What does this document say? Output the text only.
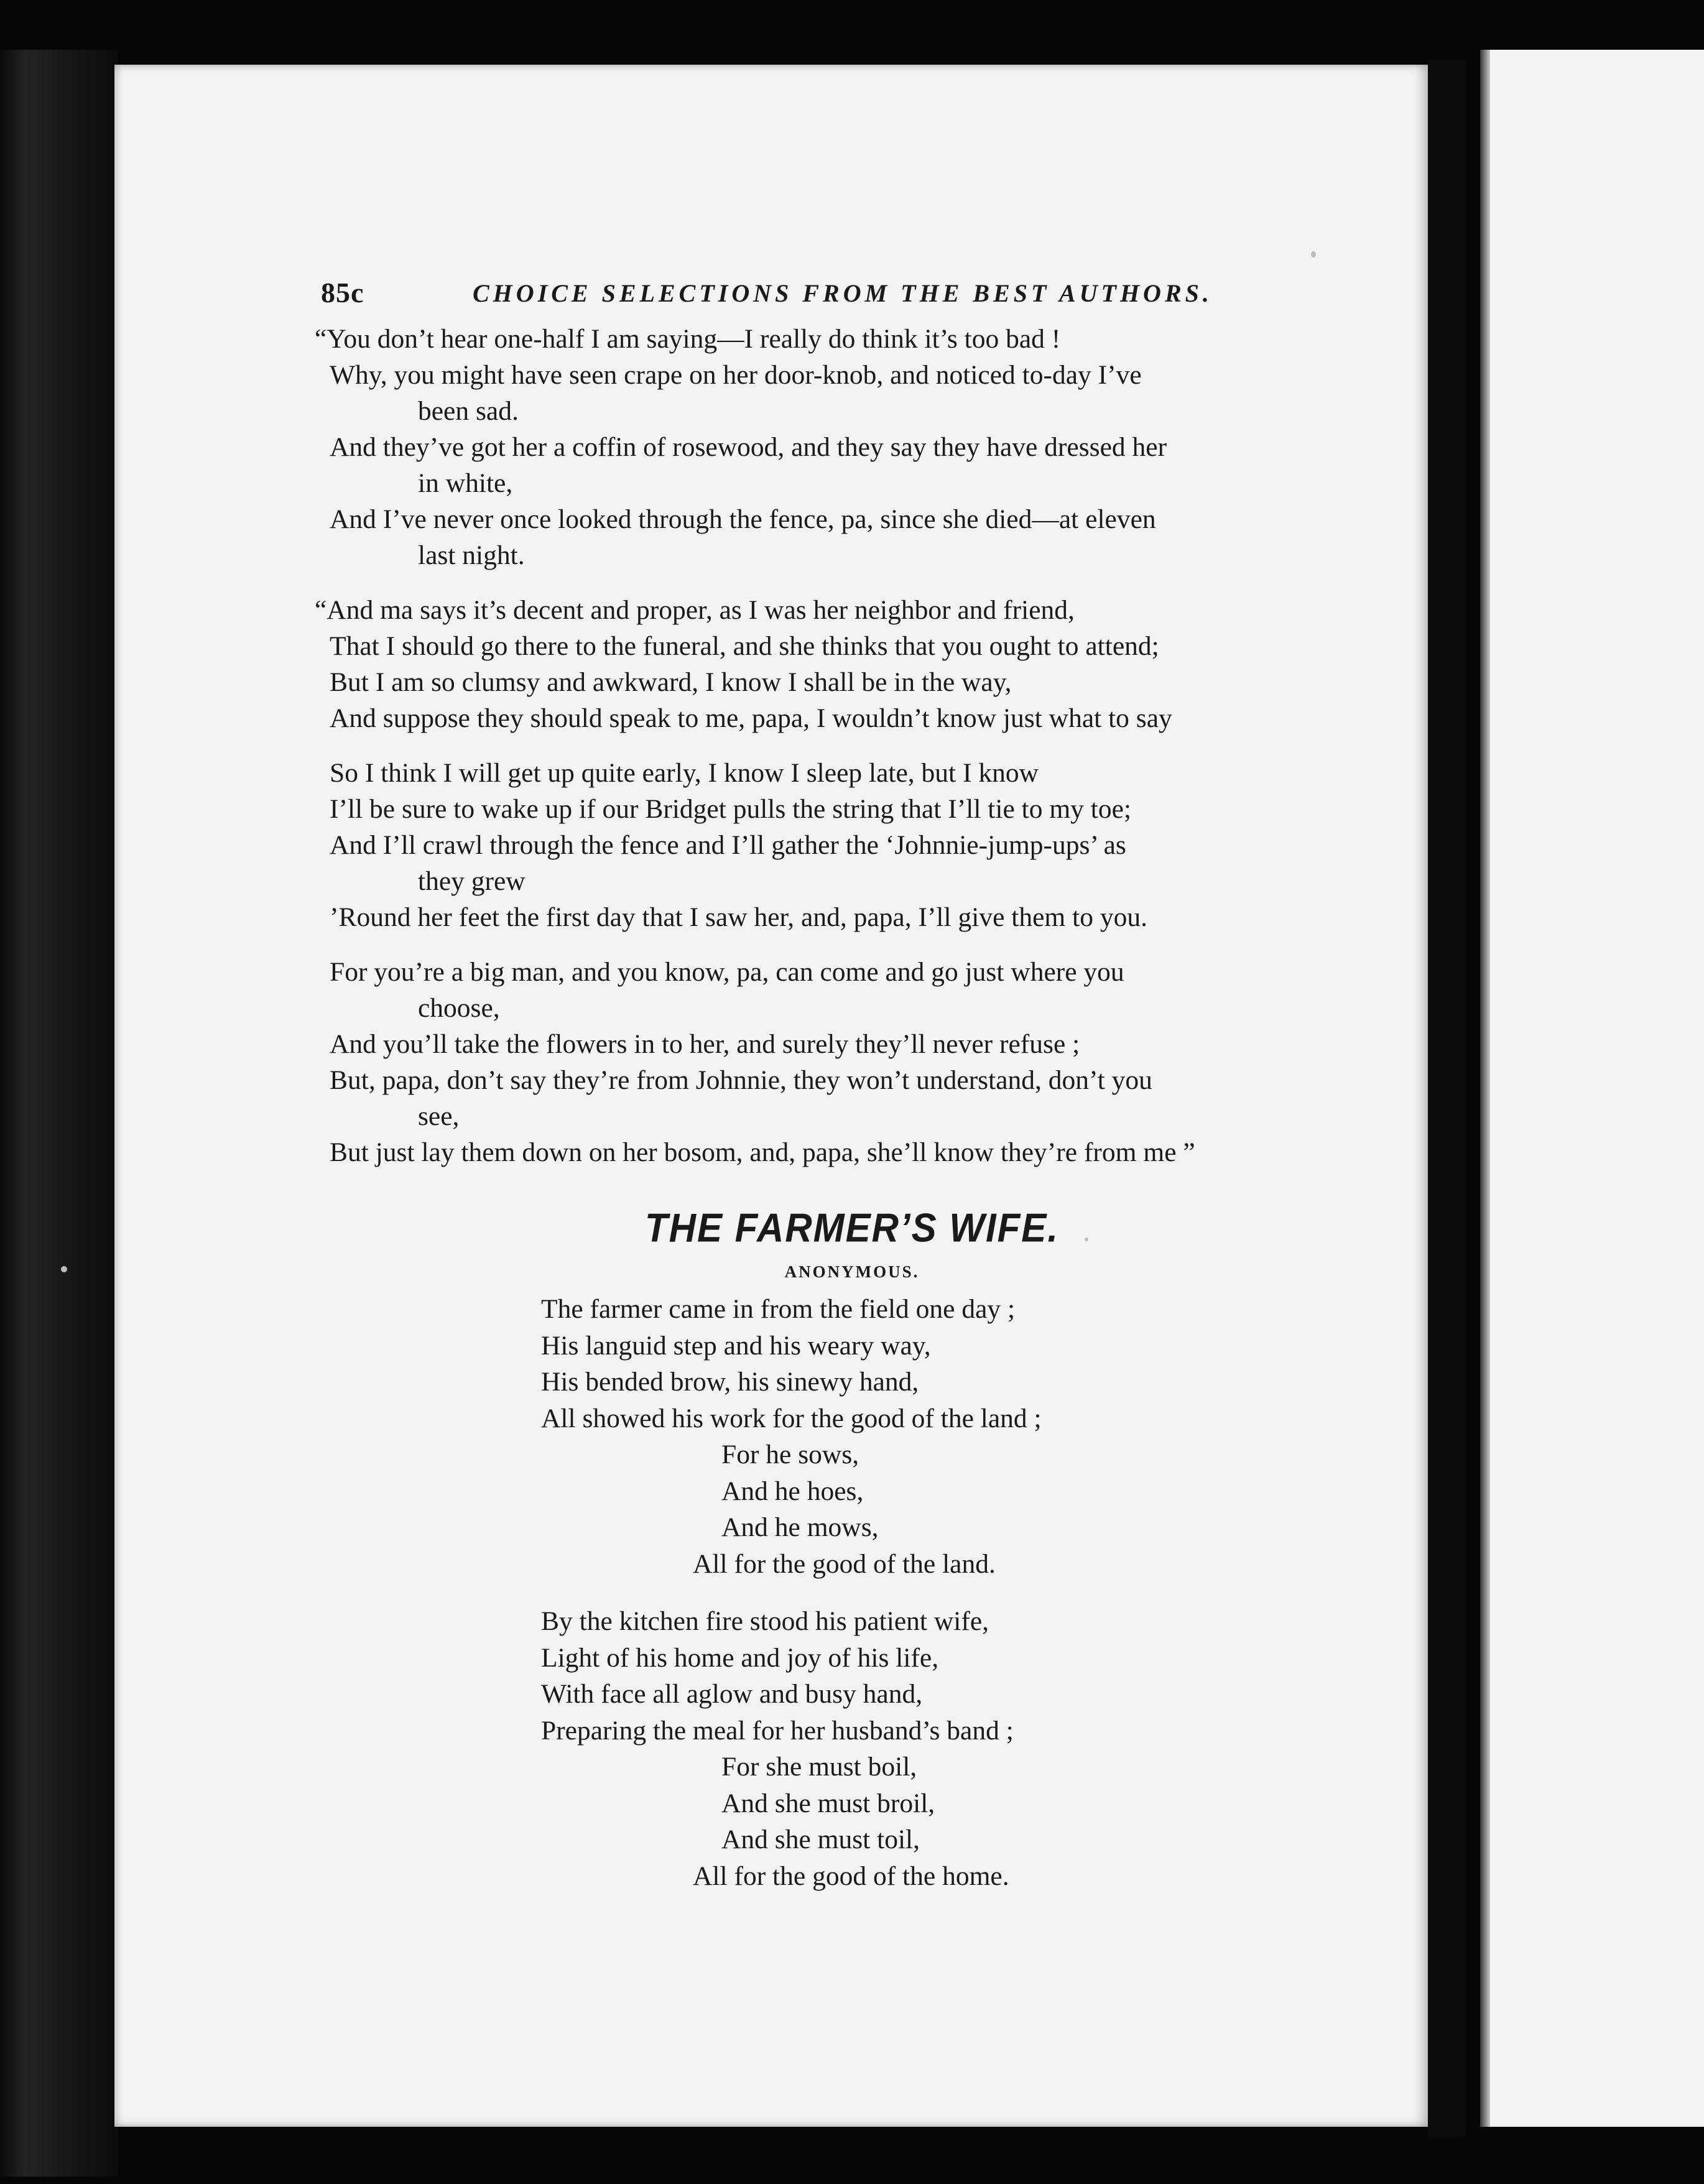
85c	CHOICE SELECTIONS FROM THE BEST AUTHORS.
“You don’t hear one-half I am saying—I really do think it’s too bad !
Why, you might have seen crape on her door-knob, and noticed to-day I’ve
been sad.
And they’ve got her a coffin of rosewood, and they say they have dressed her
in white,
And I’ve never once looked through the fence, pa, since she died—at eleven
last night.
“And ma says it’s decent and proper, as I was her neighbor and friend,
That I should go there to the funeral, and she thinks that you ought to attend;
But I am so clumsy and awkward, I know I shall be in the way,
And suppose they should speak to me, papa, I wouldn’t know just what to say
So I think I will get up quite early, I know I sleep late, but I know
I’ll be sure to wake up if our Bridget pulls the string that I’ll tie to my toe;
And I’ll crawl through the fence and I’ll gather the ‘Johnnie-jump-ups’ as
they grew
’Round her feet the first day that I saw her, and, papa, I’ll give them to you.
For you’re a big man, and you know, pa, can come and go just where you
choose,
And you’ll take the flowers in to her, and surely they’ll never refuse ;
But, papa, don’t say they’re from Johnnie, they won’t understand, don’t you
see,
But just lay them down on her bosom, and, papa, she’ll know they’re from me ”
THE FARMER’S WIFE.
ANONYMOUS.
The farmer came in from the field one day ;
His languid step and his weary way,
His bended brow, his sinewy hand,
All showed his work for the good of the land ;
For he sows,
And he hoes,
And he mows,
All for the good of the land.
By the kitchen fire stood his patient wife,
Light of his home and joy of his life,
With face all aglow and busy hand,
Preparing the meal for her husband’s band ;
For she must boil,
And she must broil,
And she must toil,
All for the good of the home.
